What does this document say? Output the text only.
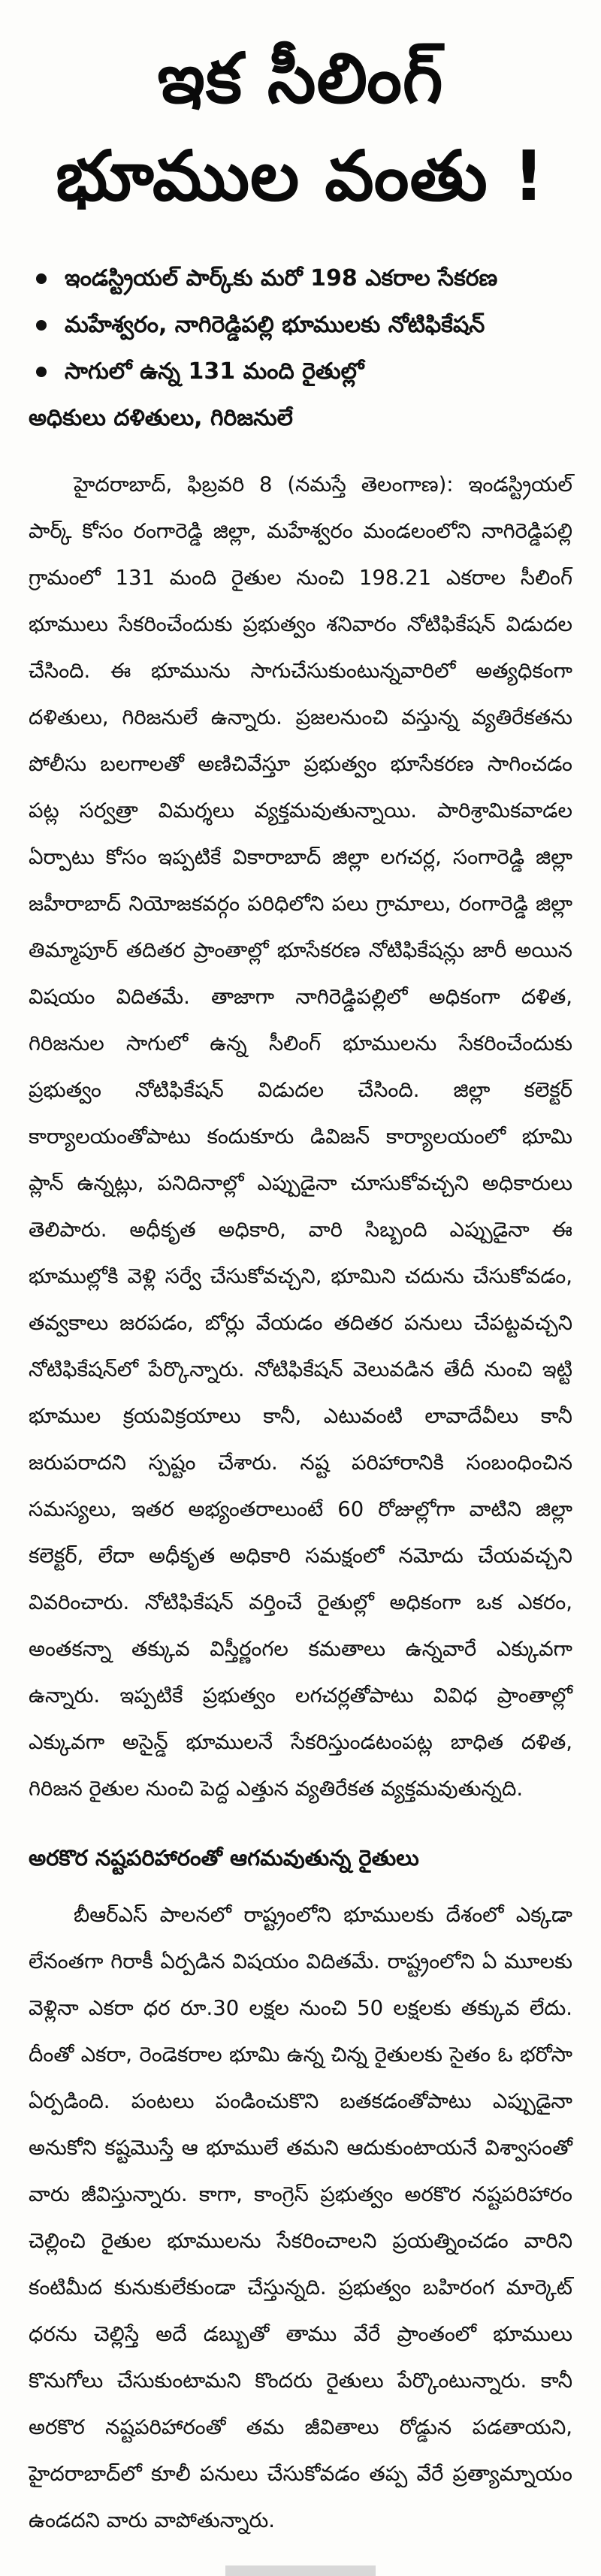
ఇక సీలింగ్
భూముల వంతు !
ఇండస్ట్రియల్ పార్క్‌కు మరో 198 ఎకరాల సేకరణ
మహేశ్వరం, నాగిరెడ్డిపల్లి భూములకు నోటిఫికేషన్
సాగులో ఉన్న 131 మంది రైతుల్లో
అధికులు దళితులు, గిరిజనులే

హైదరాబాద్, ఫిబ్రవరి 8 (నమస్తే తెలంగాణ): ఇండస్ట్రియల్ పార్క్ కోసం రంగారెడ్డి జిల్లా, మహేశ్వరం మండలంలోని నాగిరెడ్డిపల్లి గ్రామంలో 131 మంది రైతుల నుంచి 198.21 ఎకరాల సీలింగ్ భూములు సేకరించేందుకు ప్రభుత్వం శనివారం నోటిఫికేషన్ విడుదల చేసింది. ఈ భూమును సాగుచేసుకుంటున్నవారిలో అత్యధికంగా దళితులు, గిరిజనులే ఉన్నారు. ప్రజలనుంచి వస్తున్న వ్యతిరేకతను పోలీసు బలగాలతో అణిచివేస్తూ ప్రభుత్వం భూసేకరణ సాగించడం పట్ల సర్వత్రా విమర్శలు వ్యక్తమవుతున్నాయి. పారిశ్రామికవాడల ఏర్పాటు కోసం ఇప్పటికే వికారాబాద్ జిల్లా లగచర్ల, సంగారెడ్డి జిల్లా జహీరాబాద్ నియోజకవర్గం పరిధిలోని పలు గ్రామాలు, రంగారెడ్డి జిల్లా తిమ్మాపూర్ తదితర ప్రాంతాల్లో భూసేకరణ నోటిఫికేషన్లు జారీ అయిన విషయం విదితమే. తాజాగా నాగిరెడ్డిపల్లిలో అధికంగా దళిత, గిరిజనుల సాగులో ఉన్న సీలింగ్ భూములను సేకరించేందుకు ప్రభుత్వం నోటిఫికేషన్ విడుదల చేసింది. జిల్లా కలెక్టర్ కార్యాలయంతోపాటు కందుకూరు డివిజన్ కార్యాలయంలో భూమి ప్లాన్ ఉన్నట్లు, పనిదినాల్లో ఎప్పుడైనా చూసుకోవచ్చని అధికారులు తెలిపారు. అధీకృత అధికారి, వారి సిబ్బంది ఎప్పుడైనా ఈ భూముల్లోకి వెళ్లి సర్వే చేసుకోవచ్చని, భూమిని చదును చేసుకోవడం, తవ్వకాలు జరపడం, బోర్లు వేయడం తదితర పనులు చేపట్టవచ్చని నోటిఫికేషన్‌లో పేర్కొన్నారు. నోటిఫికేషన్ వెలువడిన తేదీ నుంచి ఇట్టి భూముల క్రయవిక్రయాలు కానీ, ఎటువంటి లావాదేవీలు కానీ జరుపరాదని స్పష్టం చేశారు. నష్ట పరిహారానికి సంబంధించిన సమస్యలు, ఇతర అభ్యంతరాలుంటే 60 రోజుల్లోగా వాటిని జిల్లా కలెక్టర్, లేదా అధీకృత అధికారి సమక్షంలో నమోదు చేయవచ్చని వివరించారు. నోటిఫికేషన్ వర్తించే రైతుల్లో అధికంగా ఒక ఎకరం, అంతకన్నా తక్కువ విస్తీర్ణంగల కమతాలు ఉన్నవారే ఎక్కువగా ఉన్నారు. ఇప్పటికే ప్రభుత్వం లగచర్లతోపాటు వివిధ ప్రాంతాల్లో ఎక్కువగా అసైన్డ్ భూములనే సేకరిస్తుండటంపట్ల బాధిత దళిత, గిరిజన రైతుల నుంచి పెద్ద ఎత్తున వ్యతిరేకత వ్యక్తమవుతున్నది.

అరకొర నష్టపరిహారంతో ఆగమవుతున్న రైతులు

బీఆర్ఎస్ పాలనలో రాష్ట్రంలోని భూములకు దేశంలో ఎక్కడా లేనంతగా గిరాకీ ఏర్పడిన విషయం విదితమే. రాష్ట్రంలోని ఏ మూలకు వెళ్లినా ఎకరా ధర రూ.30 లక్షల నుంచి 50 లక్షలకు తక్కువ లేదు. దీంతో ఎకరా, రెండెకరాల భూమి ఉన్న చిన్న రైతులకు సైతం ఓ భరోసా ఏర్పడింది. పంటలు పండించుకొని బతకడంతోపాటు ఎప్పుడైనా అనుకోని కష్టమొస్తే ఆ భూములే తమని ఆదుకుంటాయనే విశ్వాసంతో వారు జీవిస్తున్నారు. కాగా, కాంగ్రెస్ ప్రభుత్వం అరకొర నష్టపరిహారం చెల్లించి రైతుల భూములను సేకరించాలని ప్రయత్నించడం వారిని కంటిమీద కునుకులేకుండా చేస్తున్నది. ప్రభుత్వం బహిరంగ మార్కెట్ ధరను చెల్లిస్తే అదే డబ్బుతో తాము వేరే ప్రాంతంలో భూములు కొనుగోలు చేసుకుంటామని కొందరు రైతులు పేర్కొంటున్నారు. కానీ అరకొర నష్టపరిహారంతో తమ జీవితాలు రోడ్డున పడతాయని, హైదరాబాద్‌లో కూలీ పనులు చేసుకోవడం తప్ప వేరే ప్రత్యామ్నాయం ఉండదని వారు వాపోతున్నారు.
